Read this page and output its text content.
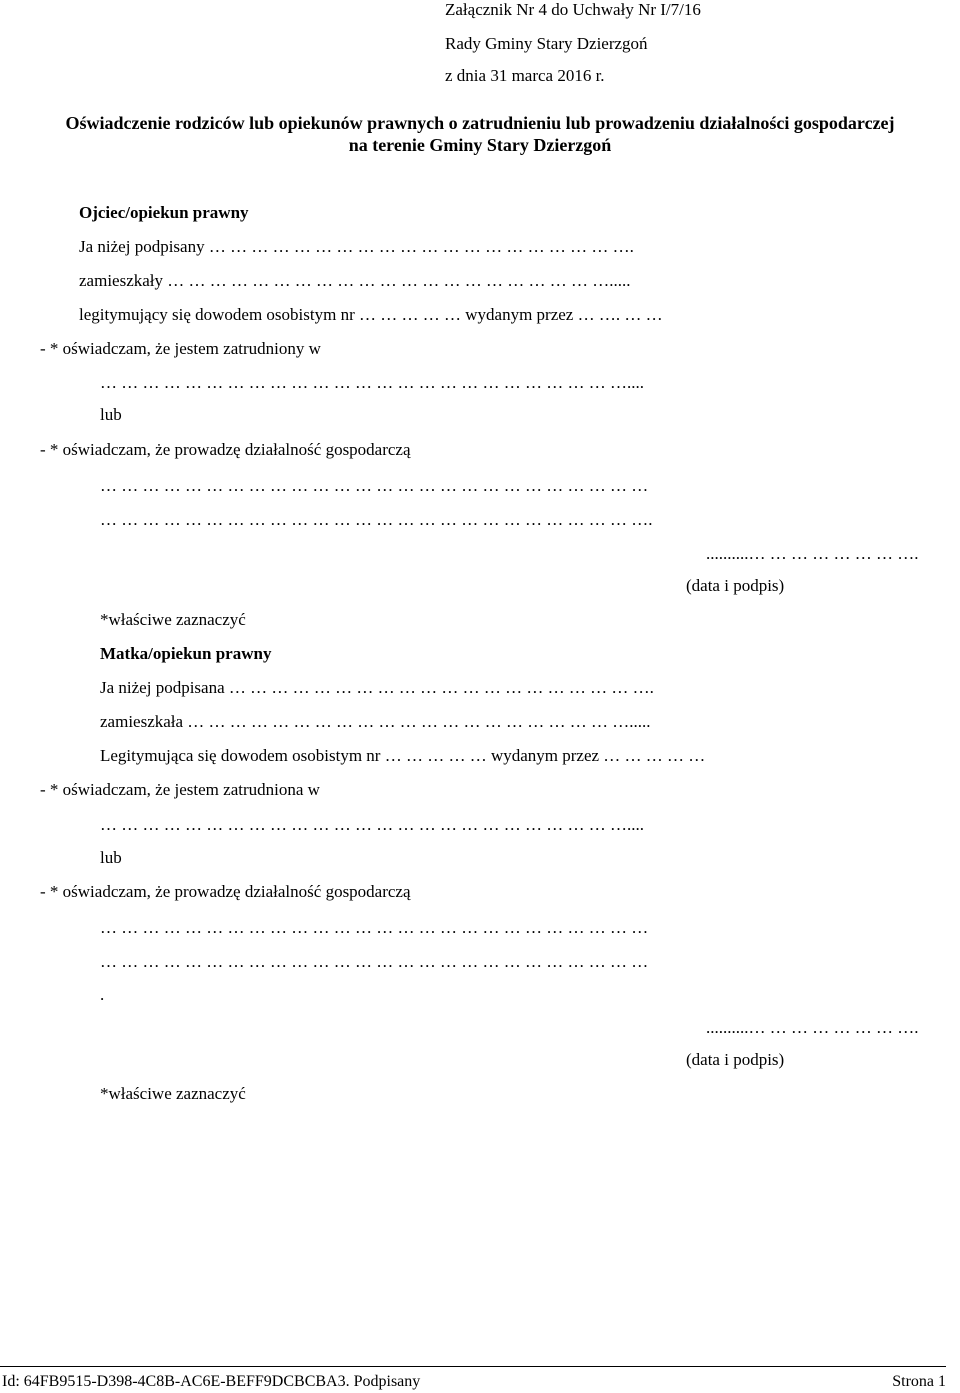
Załącznik Nr 4 do Uchwały Nr I/7/16
Rady Gminy Stary Dzierzgoń
z dnia 31 marca 2016 r.
Oświadczenie rodziców lub opiekunów prawnych o zatrudnieniu lub prowadzeniu działalności gospodarczej
na terenie Gminy Stary Dzierzgoń
Ojciec/opiekun prawny
Ja niżej podpisany … … … … … … … … … … … … … … … … … … … ….
zamieszkały … … … … … … … … … … … … … … … … … … … … ….....
legitymujący się dowodem osobistym nr … … … … … wydanym przez … …. … …
- * oświadczam, że jestem zatrudniony w
… … … … … … … … … … … … … … … … … … … … … … … … …....
lub
- * oświadczam, że prowadzę działalność gospodarczą
… … … … … … … … … … … … … … … … … … … … … … … … … …
… … … … … … … … … … … … … … … … … … … … … … … … … ….
..........… … … … … … … ….
(data i podpis)
*właściwe zaznaczyć
Matka/opiekun prawny
Ja niżej podpisana … … … … … … … … … … … … … … … … … … … ….
zamieszkała … … … … … … … … … … … … … … … … … … … … ….....
Legitymująca się dowodem osobistym nr … … … … … wydanym przez … … … … …
- * oświadczam, że jestem zatrudniona w
… … … … … … … … … … … … … … … … … … … … … … … … …....
lub
- * oświadczam, że prowadzę działalność gospodarczą
… … … … … … … … … … … … … … … … … … … … … … … … … …
… … … … … … … … … … … … … … … … … … … … … … … … … …
.
..........… … … … … … … ….
(data i podpis)
*właściwe zaznaczyć
Id: 64FB9515-D398-4C8B-AC6E-BEFF9DCBCBA3. Podpisany	Strona 1
